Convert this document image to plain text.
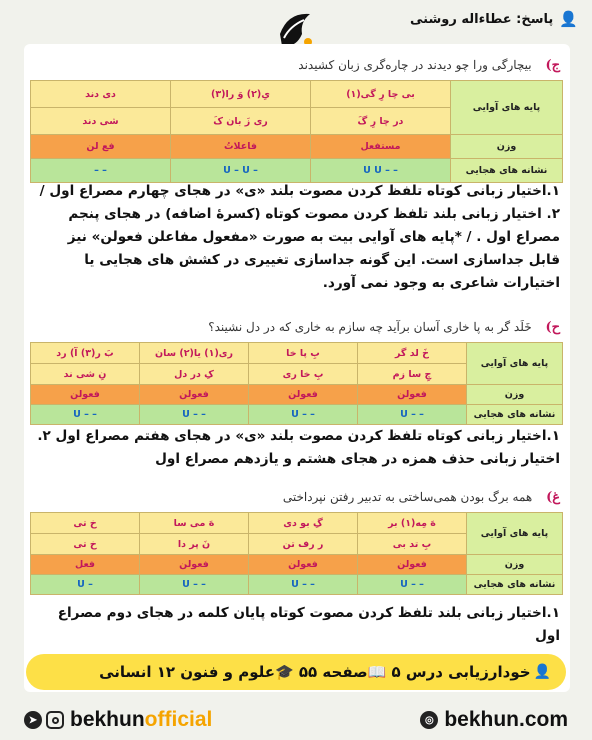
👤
پاسخ: عطاءاله روشنی
ج) بیچارگی ورا چو دیدند در چاره‌گری زبان کشیدند
پایه های آوایی	بی چا رِ گی(۱)	یِ(۲) وَ را(۳)	دی دند
	در چا رِ گَ	ری زَ بان کَ	شی دند
وزن	مستفعل	فاعلاتُ	فع لن
نشانه های هجایی	– – U U	– U – U	– –
۱.اختیار زبانی کوتاه تلفظ کردن مصوت بلند «ی» در هجای چهارم مصراع اول / ۲. اختیار زبانی بلند تلفظ کردن مصوت کوتاه (کسرهٔ اضافه) در هجای پنجم مصراع اول . / *پایه های آوایی بیت به صورت «مفعول مفاعلن فعولن» نیز قابل جداسازی است. این گونه جداسازی تغییری در کشش های هجایی یا اختیارات شاعری به وجود نمی آورد.
ح) خَلَد گر به پا خاری آسان برآید چه سازم به خاری که در دل نشیند؟
پایه های آوایی	خَ لد گر	بِ پا خا	ری(۱) یا(۲) سان	بَ ر(۳) آ) رد
	چِ سا زم	بِ خا ری	کِ در دل	نِ شی ند
وزن	فعولن	فعولن	فعولن	فعولن
نشانه های هجایی	– – U	– – U	– – U	– – U
۱.اختیار زبانی کوتاه تلفظ کردن مصوت بلند «ی» در هجای هفتم مصراع اول ۲. اختیار زبانی حذف همزه در هجای هشتم و یازدهم مصراع اول
غ) همه برگ بودن همی‌ساختی به تدبیر رفتن نپرداختی
پایه های آوایی	هَ مِه(۱) بر	گِ بو دی	هَ می سا	خ تی
	بِ تد بی	ر رف تن	نَ پر دا	خ تی
وزن	فعولن	فعولن	فعولن	فعل
نشانه های هجایی	– – U	– – U	– – U	– U
۱.اختیار زبانی بلند تلفظ کردن مصوت کوتاه پایان کلمه در هجای دوم مصراع اول
👤
خودارزیابی درس ۵ 📖صفحه ۵۵ 🎓علوم و فنون ۱۲ انسانی
➤ bekhun official	◎ bekhun.com
